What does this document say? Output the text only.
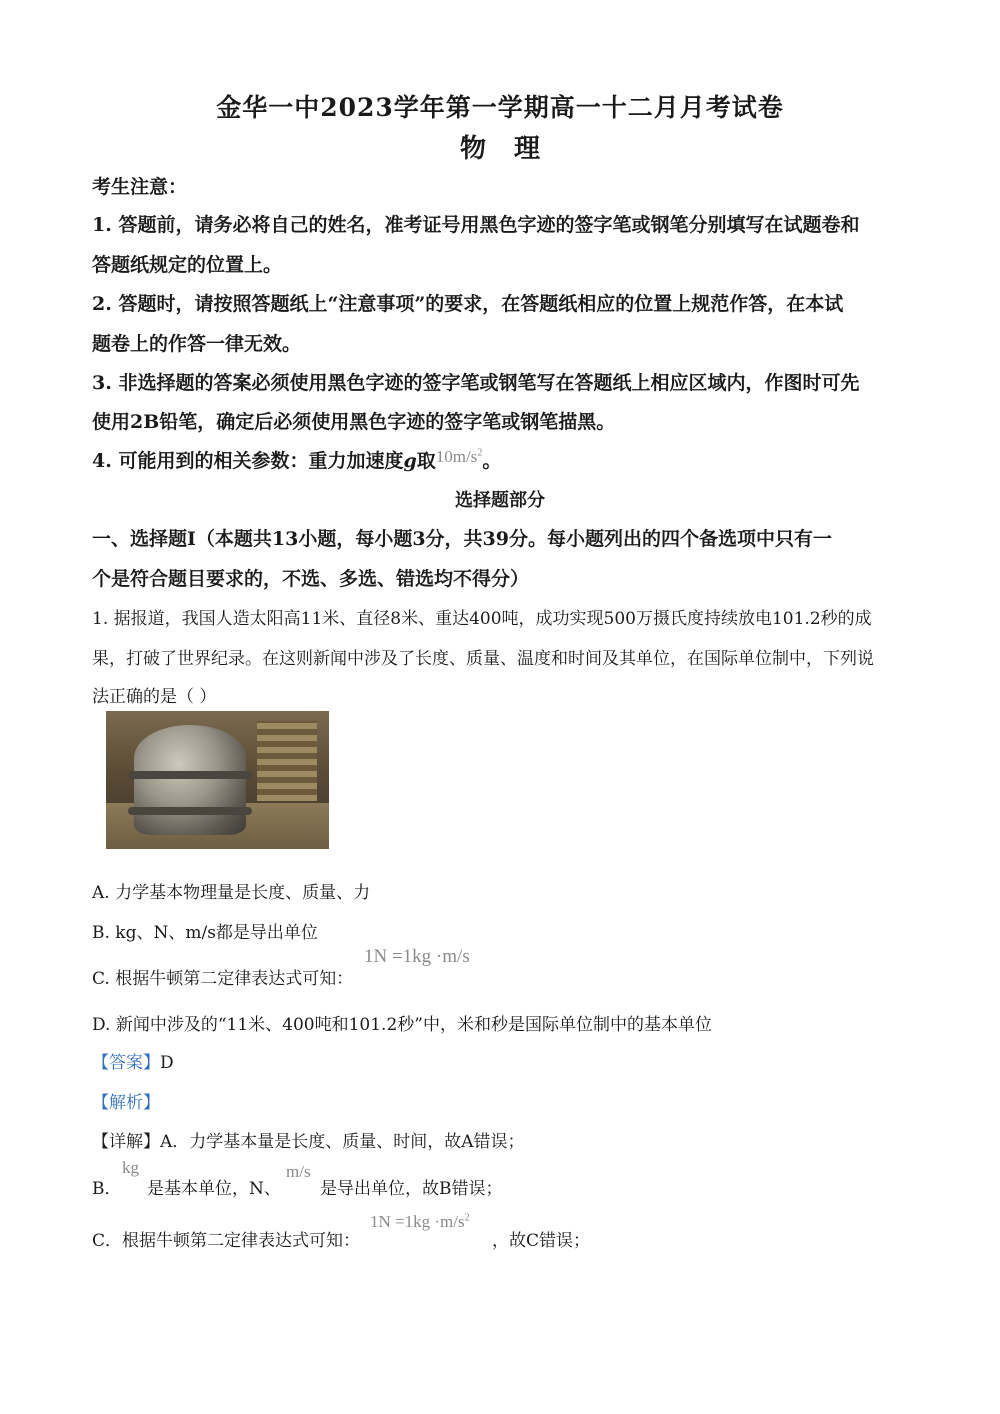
金华一中2023学年第一学期高一十二月月考试卷
物理
考生注意：
1. 答题前，请务必将自己的姓名，准考证号用黑色字迹的签字笔或钢笔分别填写在试题卷和
答题纸规定的位置上。
2. 答题时，请按照答题纸上“注意事项”的要求，在答题纸相应的位置上规范作答，在本试
题卷上的作答一律无效。
3. 非选择题的答案必须使用黑色字迹的签字笔或钢笔写在答题纸上相应区域内，作图时可先
使用2B铅笔，确定后必须使用黑色字迹的签字笔或钢笔描黑。
4. 可能用到的相关参数：重力加速度g取$10m/s^2$。
选择题部分
一、选择题Ⅰ（本题共13小题，每小题3分，共39分。每小题列出的四个备选项中只有一
个是符合题目要求的，不选、多选、错选均不得分）
1. 据报道，我国人造太阳高11米、直径8米、重达400吨，成功实现500万摄氏度持续放电101.2秒的成
果，打破了世界纪录。在这则新闻中涉及了长度、质量、温度和时间及其单位，在国际单位制中，下列说
法正确的是（ ）
A. 力学基本物理量是长度、质量、力
B. kg、N、m/s都是导出单位
C. 根据牛顿第二定律表达式可知：
1N =1kg ·m/s
D. 新闻中涉及的“11米、400吨和101.2秒”中，米和秒是国际单位制中的基本单位
【答案】D
【解析】
【详解】A．力学基本量是长度、质量、时间，故A错误；
B．
kg
是基本单位，N、
m/s
是导出单位，故B错误；
C．根据牛顿第二定律表达式可知：
$1N =1kg \cdot m/s^2$
，故C错误；
